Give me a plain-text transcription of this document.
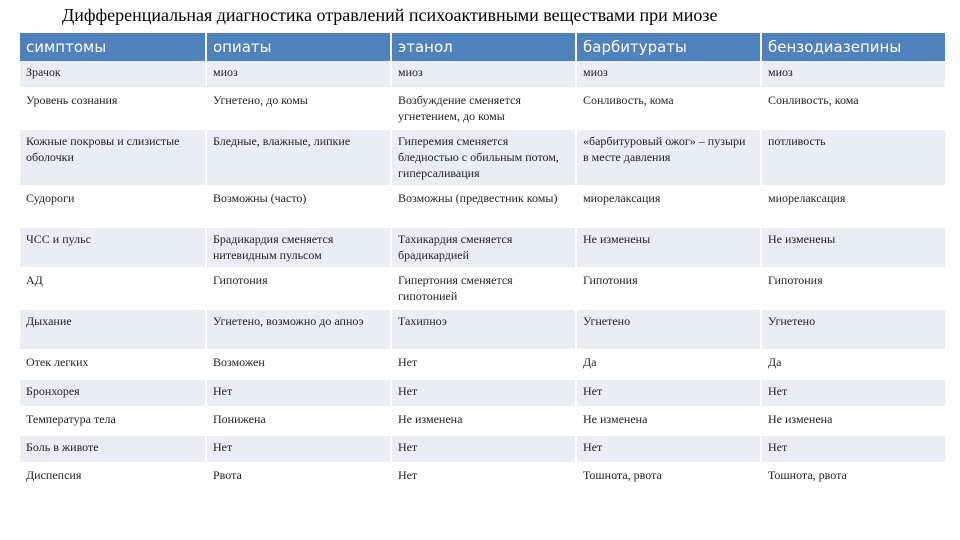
Дифференциальная диагностика отравлений психоактивными веществами при миозе
симптомы	опиаты	этанол	барбитураты	бензодиазепины
Зрачок	миоз	миоз	миоз	миоз
Уровень сознания	Угнетено, до комы	Возбуждение сменяется угнетением, до комы	Сонливость, кома	Сонливость, кома
Кожные покровы и слизистые оболочки	Бледные, влажные, липкие	Гиперемия сменяется бледностью с обильным потом, гиперсаливация	«барбитуровый ожог» – пузыри в месте давления	потливость
Судороги	Возможны (часто)	Возможны (предвестник комы)	миорелаксация	миорелаксация
ЧСС и пульс	Брадикардия сменяется нитевидным пульсом	Тахикардия сменяется брадикардией	Не изменены	Не изменены
АД	Гипотония	Гипертония сменяется гипотонией	Гипотония	Гипотония
Дыхание	Угнетено, возможно до апноэ	Тахипноэ	Угнетено	Угнетено
Отек легких	Возможен	Нет	Да	Да
Бронхорея	Нет	Нет	Нет	Нет
Температура тела	Понижена	Не изменена	Не изменена	Не изменена
Боль в животе	Нет	Нет	Нет	Нет
Диспепсия	Рвота	Нет	Тошнота, рвота	Тошнота, рвота
